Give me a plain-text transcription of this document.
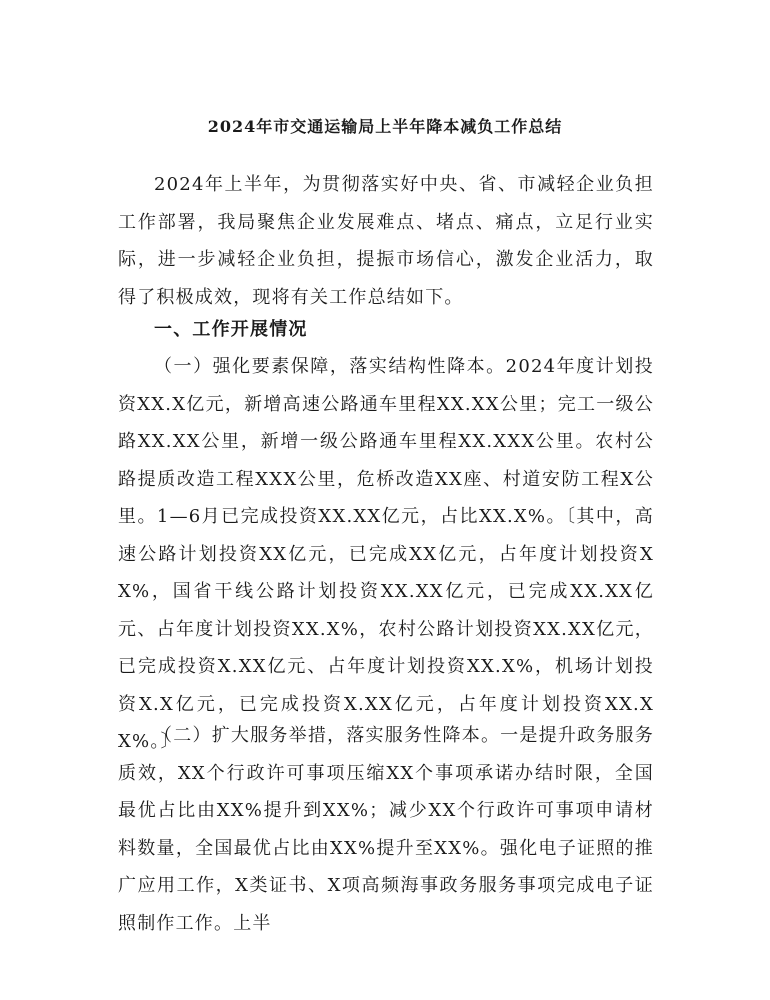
2024年市交通运输局上半年降本减负工作总结
2024年上半年，为贯彻落实好中央、省、市减轻企业负担工作部署，我局聚焦企业发展难点、堵点、痛点，立足行业实际，进一步减轻企业负担，提振市场信心，激发企业活力，取得了积极成效，现将有关工作总结如下。
一、工作开展情况
（一）强化要素保障，落实结构性降本。2024年度计划投资XX.X亿元，新增高速公路通车里程XX.XX公里；完工一级公路XX.XX公里，新增一级公路通车里程XX.XXX公里。农村公路提质改造工程XXX公里，危桥改造XX座、村道安防工程X公里。1—6月已完成投资XX.XX亿元，占比XX.X%。〔其中，高速公路计划投资XX亿元，已完成XX亿元，占年度计划投资XX%，国省干线公路计划投资XX.XX亿元，已完成XX.XX亿元、占年度计划投资XX.X%，农村公路计划投资XX.XX亿元，已完成投资X.XX亿元、占年度计划投资XX.X%，机场计划投资X.X亿元，已完成投资X.XX亿元，占年度计划投资XX.XX%。〕
（二）扩大服务举措，落实服务性降本。一是提升政务服务质效，XX个行政许可事项压缩XX个事项承诺办结时限，全国最优占比由XX%提升到XX%；减少XX个行政许可事项申请材料数量，全国最优占比由XX%提升至XX%。强化电子证照的推广应用工作，X类证书、X项高频海事政务服务事项完成电子证照制作工作。上半
